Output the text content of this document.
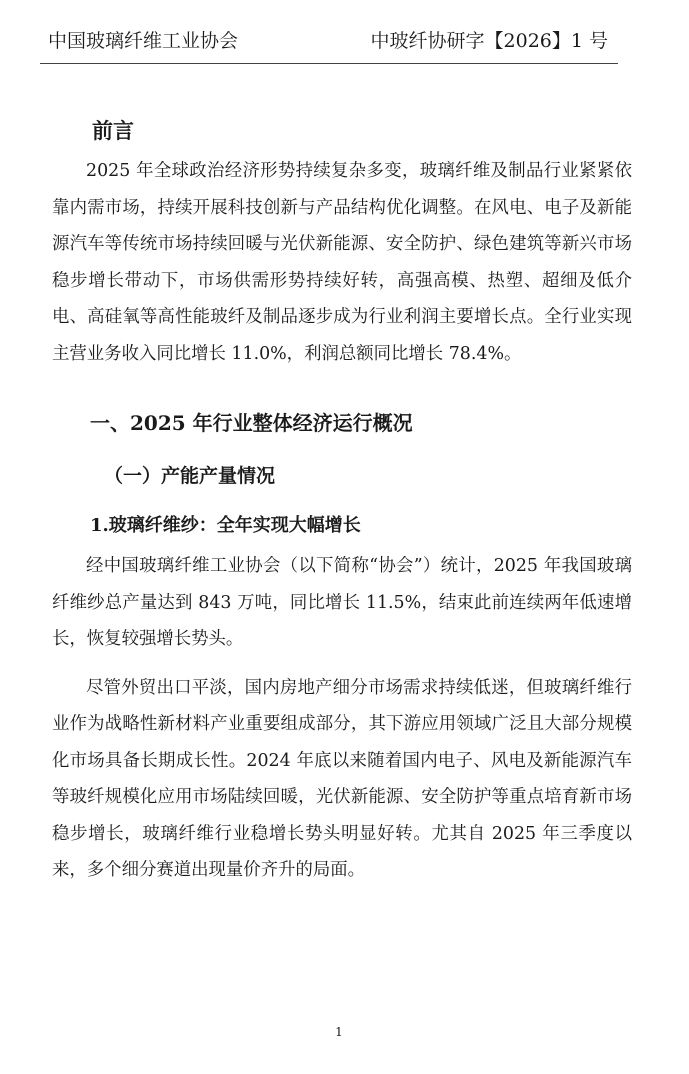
中国玻璃纤维工业协会	中玻纤协研字【2026】1 号
前言

2025 年全球政治经济形势持续复杂多变，玻璃纤维及制品行业紧紧依靠内需市场，持续开展科技创新与产品结构优化调整。在风电、电子及新能源汽车等传统市场持续回暖与光伏新能源、安全防护、绿色建筑等新兴市场稳步增长带动下，市场供需形势持续好转，高强高模、热塑、超细及低介电、高硅氧等高性能玻纤及制品逐步成为行业利润主要增长点。全行业实现主营业务收入同比增长 11.0%，利润总额同比增长 78.4%。

一、2025 年行业整体经济运行概况
（一）产能产量情况
1.玻璃纤维纱：全年实现大幅增长

经中国玻璃纤维工业协会（以下简称“协会”）统计，2025 年我国玻璃纤维纱总产量达到 843 万吨，同比增长 11.5%，结束此前连续两年低速增长，恢复较强增长势头。

尽管外贸出口平淡，国内房地产细分市场需求持续低迷，但玻璃纤维行业作为战略性新材料产业重要组成部分，其下游应用领域广泛且大部分规模化市场具备长期成长性。2024 年底以来随着国内电子、风电及新能源汽车等玻纤规模化应用市场陆续回暖，光伏新能源、安全防护等重点培育新市场稳步增长，玻璃纤维行业稳增长势头明显好转。尤其自 2025 年三季度以来，多个细分赛道出现量价齐升的局面。

1
